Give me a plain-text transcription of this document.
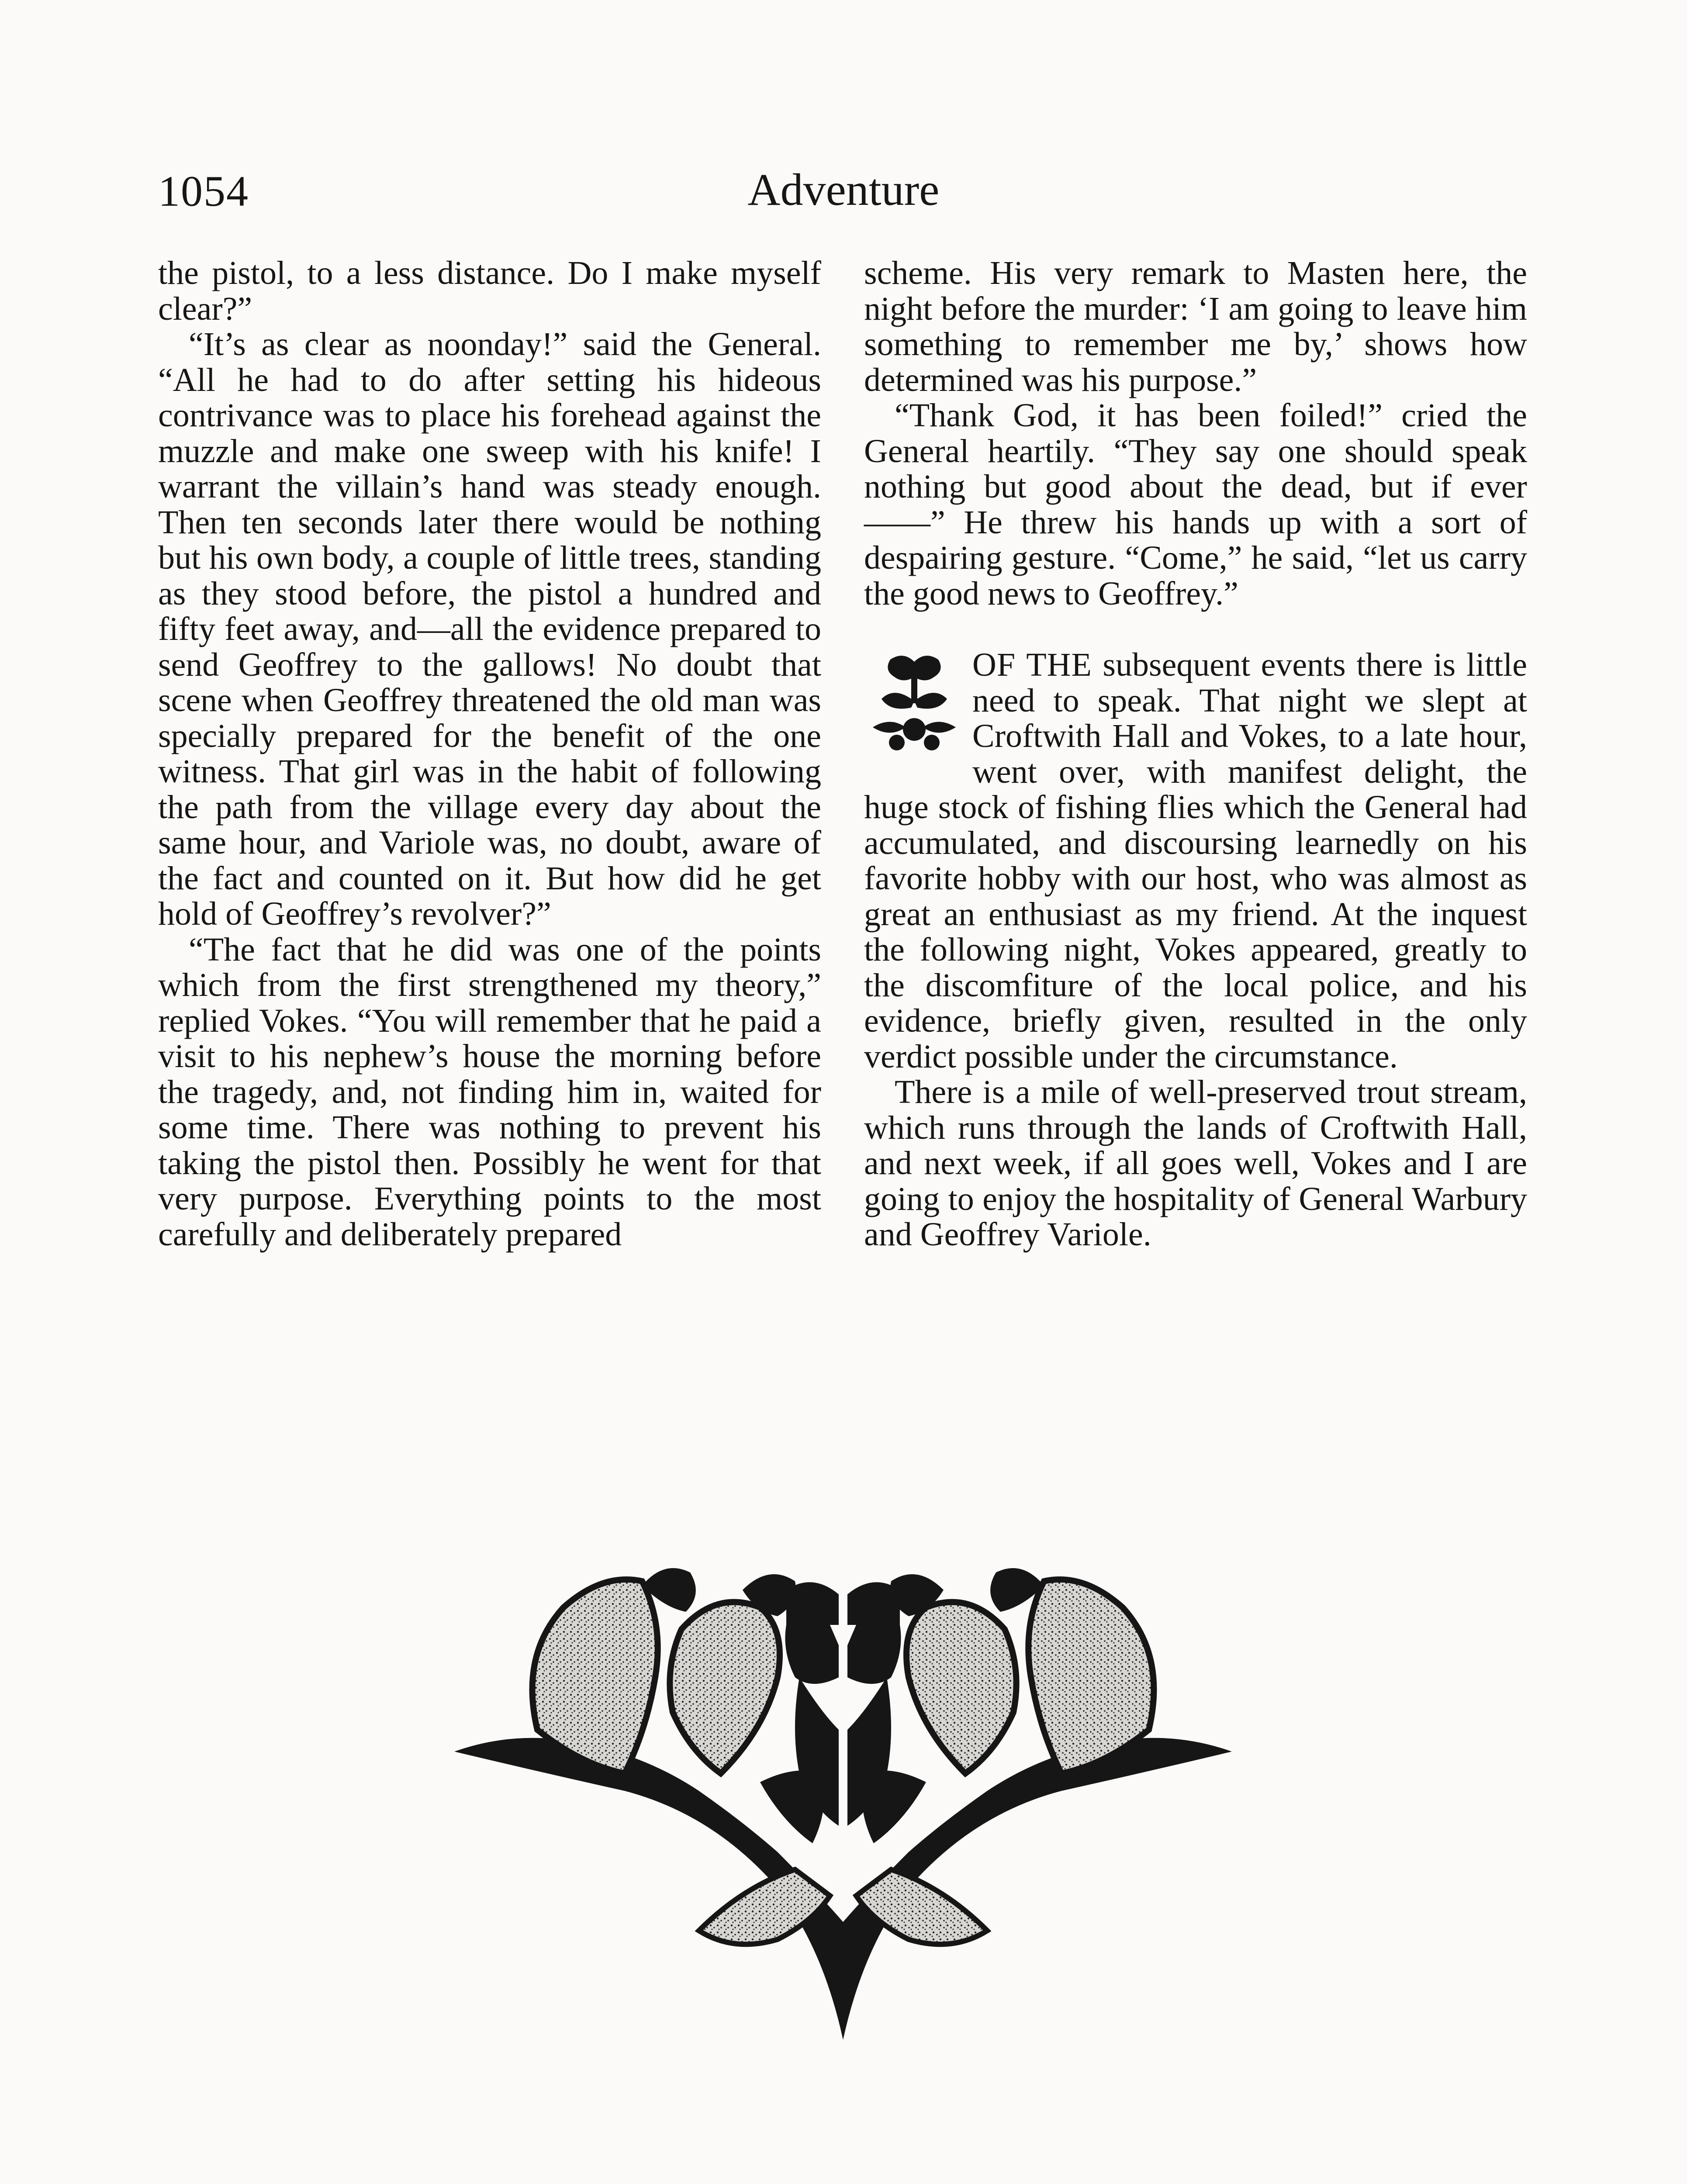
1054	Adventure

the pistol, to a less distance. Do I make myself clear?”

“It’s as clear as noonday!” said the General. “All he had to do after setting his hideous contrivance was to place his forehead against the muzzle and make one sweep with his knife! I warrant the villain’s hand was steady enough. Then ten seconds later there would be nothing but his own body, a couple of little trees, standing as they stood before, the pistol a hundred and fifty feet away, and—all the evidence prepared to send Geoffrey to the gallows! No doubt that scene when Geoffrey threatened the old man was specially prepared for the benefit of the one witness. That girl was in the habit of following the path from the village every day about the same hour, and Variole was, no doubt, aware of the fact and counted on it. But how did he get hold of Geoffrey’s revolver?”

“The fact that he did was one of the points which from the first strengthened my theory,” replied Vokes. “You will remember that he paid a visit to his nephew’s house the morning before the tragedy, and, not finding him in, waited for some time. There was nothing to prevent his taking the pistol then. Possibly he went for that very purpose. Everything points to the most carefully and deliberately prepared

scheme. His very remark to Masten here, the night before the murder: ‘I am going to leave him something to remember me by,’ shows how determined was his purpose.”

“Thank God, it has been foiled!” cried the General heartily. “They say one should speak nothing but good about the dead, but if ever ——” He threw his hands up with a sort of despairing gesture. “Come,” he said, “let us carry the good news to Geoffrey.”

OF THE subsequent events there is little need to speak. That night we slept at Croftwith Hall and Vokes, to a late hour, went over, with manifest delight, the huge stock of fishing flies which the General had accumulated, and discoursing learnedly on his favorite hobby with our host, who was almost as great an enthusiast as my friend. At the inquest the following night, Vokes appeared, greatly to the discomfiture of the local police, and his evidence, briefly given, resulted in the only verdict possible under the circumstance.

There is a mile of well-preserved trout stream, which runs through the lands of Croftwith Hall, and next week, if all goes well, Vokes and I are going to enjoy the hospitality of General Warbury and Geoffrey Variole.
